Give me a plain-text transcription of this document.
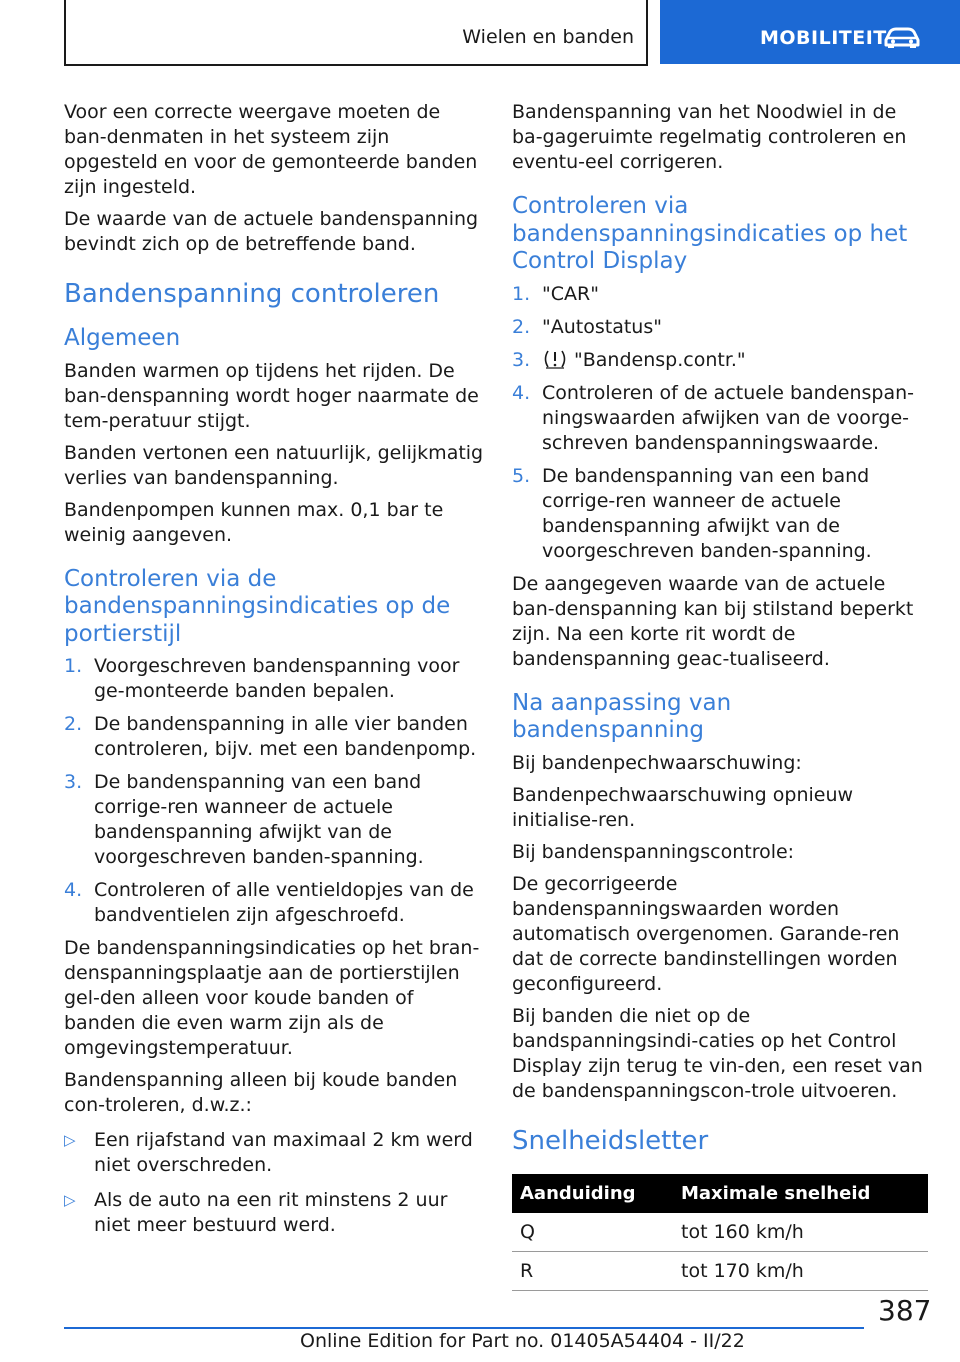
Wielen en banden	MOBILITEIT

Voor een correcte weergave moeten de ban-denmaten in het systeem zijn opgesteld en voor de gemonteerde banden zijn ingesteld.

De waarde van de actuele bandenspanning bevindt zich op de betreffende band.

Bandenspanning controleren
Algemeen

Banden warmen op tijdens het rijden. De ban-denspanning wordt hoger naarmate de tem-peratuur stijgt.

Banden vertonen een natuurlijk, gelijkmatig verlies van bandenspanning.

Bandenpompen kunnen max. 0,1 bar te weinig aangeven.

Controleren via de bandenspanningsindicaties op de portierstijl
1. Voorgeschreven bandenspanning voor ge-monteerde banden bepalen.
2. De bandenspanning in alle vier banden controleren, bijv. met een bandenpomp.
3. De bandenspanning van een band corrige-ren wanneer de actuele bandenspanning afwijkt van de voorgeschreven banden-spanning.
4. Controleren of alle ventieldopjes van de bandventielen zijn afgeschroefd.

De bandenspanningsindicaties op het bran-denspanningsplaatje aan de portierstijlen gel-den alleen voor koude banden of banden die even warm zijn als de omgevingstemperatuur.

Bandenspanning alleen bij koude banden con-troleren, d.w.z.:

▷ Een rijafstand van maximaal 2 km werd niet overschreden.
▷ Als de auto na een rit minstens 2 uur niet meer bestuurd werd.

Bandenspanning van het Noodwiel in de ba-gageruimte regelmatig controleren en eventu-eel corrigeren.

Controleren via bandenspanningsindicaties op het Control Display
1. "CAR"
2. "Autostatus"
3. "Bandensp.contr."
4. Controleren of de actuele bandenspan-ningswaarden afwijken van de voorge-schreven bandenspanningswaarde.
5. De bandenspanning van een band corrige-ren wanneer de actuele bandenspanning afwijkt van de voorgeschreven banden-spanning.

De aangegeven waarde van de actuele ban-denspanning kan bij stilstand beperkt zijn. Na een korte rit wordt de bandenspanning geac-tualiseerd.

Na aanpassing van bandenspanning

Bij bandenpechwaarschuwing:

Bandenpechwaarschuwing opnieuw initialise-ren.

Bij bandenspanningscontrole:

De gecorrigeerde bandenspanningswaarden worden automatisch overgenomen. Garande-ren dat de correcte bandinstellingen worden geconfigureerd.

Bij banden die niet op de bandspanningsindi-caties op het Control Display zijn terug te vin-den, een reset van de bandenspanningscon-trole uitvoeren.

Snelheidsletter
Aanduiding	Maximale snelheid
Q	tot 160 km/h
R	tot 170 km/h
387
Online Edition for Part no. 01405A54404 - II/22
